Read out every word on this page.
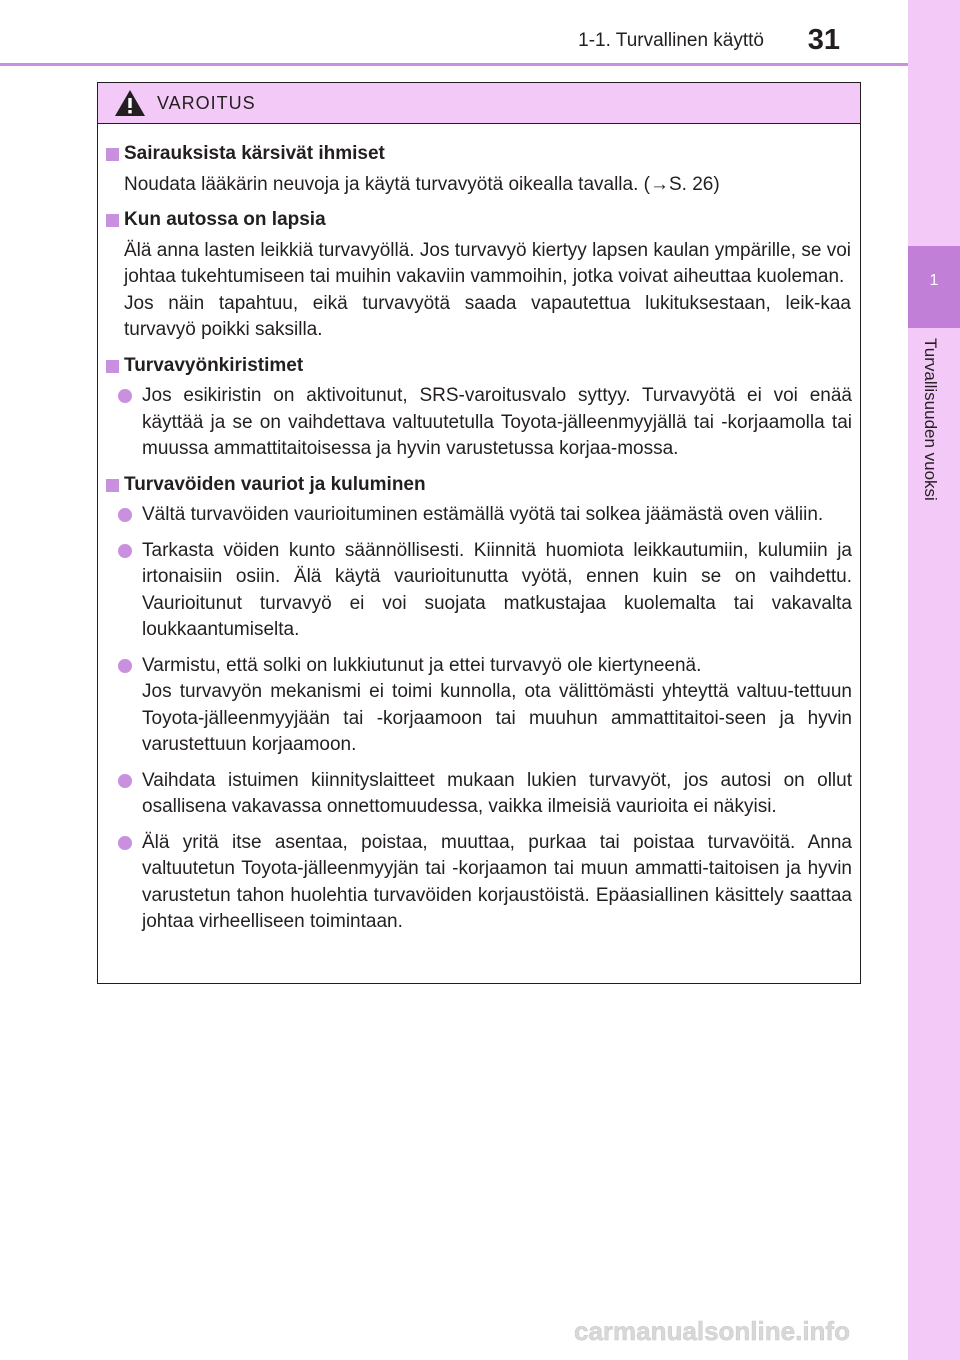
1-1. Turvallinen käyttö 31
1
Turvallisuuden vuoksi
VAROITUS
Sairauksista kärsivät ihmiset
Noudata lääkärin neuvoja ja käytä turvavyötä oikealla tavalla. (→S. 26)
Kun autossa on lapsia
Älä anna lasten leikkiä turvavyöllä. Jos turvavyö kiertyy lapsen kaulan ympärille, se voi johtaa tukehtumiseen tai muihin vakaviin vammoihin, jotka voivat aiheuttaa kuoleman.
Jos näin tapahtuu, eikä turvavyötä saada vapautettua lukituksestaan, leik-kaa turvavyö poikki saksilla.
Turvavyönkiristimet
Jos esikiristin on aktivoitunut, SRS-varoitusvalo syttyy. Turvavyötä ei voi enää käyttää ja se on vaihdettava valtuutetulla Toyota-jälleenmyyjällä tai -korjaamolla tai muussa ammattitaitoisessa ja hyvin varustetussa korjaa-mossa.
Turvavöiden vauriot ja kuluminen
Vältä turvavöiden vaurioituminen estämällä vyötä tai solkea jäämästä oven väliin.
Tarkasta vöiden kunto säännöllisesti. Kiinnitä huomiota leikkautumiin, kulumiin ja irtonaisiin osiin. Älä käytä vaurioitunutta vyötä, ennen kuin se on vaihdettu. Vaurioitunut turvavyö ei voi suojata matkustajaa kuolemalta tai vakavalta loukkaantumiselta.
Varmistu, että solki on lukkiutunut ja ettei turvavyö ole kiertyneenä.
Jos turvavyön mekanismi ei toimi kunnolla, ota välittömästi yhteyttä valtuu-tettuun Toyota-jälleenmyyjään tai -korjaamoon tai muuhun ammattitaitoi-seen ja hyvin varustettuun korjaamoon.
Vaihdata istuimen kiinnityslaitteet mukaan lukien turvavyöt, jos autosi on ollut osallisena vakavassa onnettomuudessa, vaikka ilmeisiä vaurioita ei näkyisi.
Älä yritä itse asentaa, poistaa, muuttaa, purkaa tai poistaa turvavöitä. Anna valtuutetun Toyota-jälleenmyyjän tai -korjaamon tai muun ammatti-taitoisen ja hyvin varustetun tahon huolehtia turvavöiden korjaustöistä. Epäasiallinen käsittely saattaa johtaa virheelliseen toimintaan.
carmanualsonline.info
